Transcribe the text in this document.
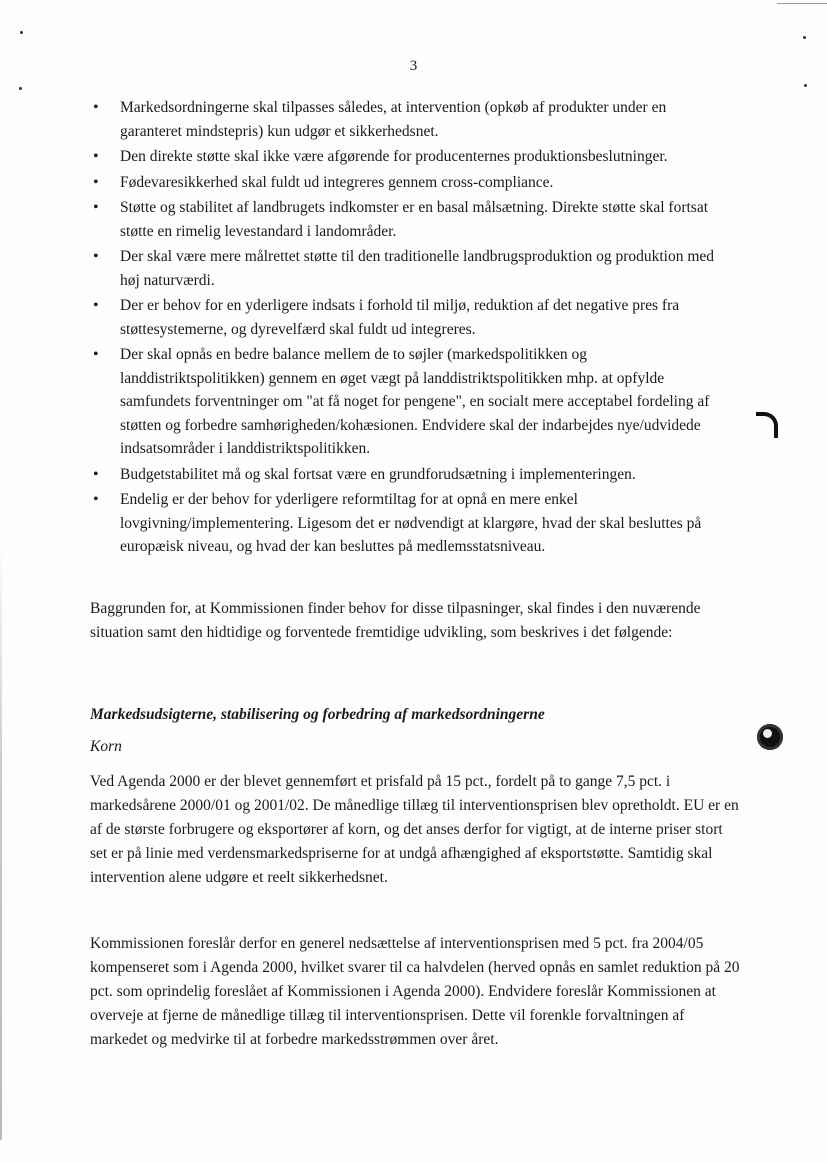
3
• Markedsordningerne skal tilpasses således, at intervention (opkøb af produkter under en garanteret mindstepris) kun udgør et sikkerhedsnet.
• Den direkte støtte skal ikke være afgørende for producenternes produktionsbeslutninger.
• Fødevaresikkerhed skal fuldt ud integreres gennem cross-compliance.
• Støtte og stabilitet af landbrugets indkomster er en basal målsætning. Direkte støtte skal fortsat støtte en rimelig levestandard i landområder.
• Der skal være mere målrettet støtte til den traditionelle landbrugsproduktion og produktion med høj naturværdi.
• Der er behov for en yderligere indsats i forhold til miljø, reduktion af det negative pres fra støttesystemerne, og dyrevelfærd skal fuldt ud integreres.
• Der skal opnås en bedre balance mellem de to søjler (markedspolitikken og landdistriktspolitikken) gennem en øget vægt på landdistriktspolitikken mhp. at opfylde samfundets forventninger om "at få noget for pengene", en socialt mere acceptabel fordeling af støtten og forbedre samhørigheden/kohæsionen. Endvidere skal der indarbejdes nye/udvidede indsatsområder i landdistriktspolitikken.
• Budgetstabilitet må og skal fortsat være en grundforudsætning i implementeringen.
• Endelig er der behov for yderligere reformtiltag for at opnå en mere enkel lovgivning/implementering. Ligesom det er nødvendigt at klargøre, hvad der skal besluttes på europæisk niveau, og hvad der kan besluttes på medlemsstatsniveau.

Baggrunden for, at Kommissionen finder behov for disse tilpasninger, skal findes i den nuværende situation samt den hidtidige og forventede fremtidige udvikling, som beskrives i det følgende:

Markedsudsigterne, stabilisering og forbedring af markedsordningerne

Korn

Ved Agenda 2000 er der blevet gennemført et prisfald på 15 pct., fordelt på to gange 7,5 pct. i markedsårene 2000/01 og 2001/02. De månedlige tillæg til interventionsprisen blev opretholdt. EU er en af de største forbrugere og eksportører af korn, og det anses derfor for vigtigt, at de interne priser stort set er på linie med verdensmarkedspriserne for at undgå afhængighed af eksportstøtte. Samtidig skal intervention alene udgøre et reelt sikkerhedsnet.

Kommissionen foreslår derfor en generel nedsættelse af interventionsprisen med 5 pct. fra 2004/05 kompenseret som i Agenda 2000, hvilket svarer til ca halvdelen (herved opnås en samlet reduktion på 20 pct. som oprindelig foreslået af Kommissionen i Agenda 2000). Endvidere foreslår Kommissionen at overveje at fjerne de månedlige tillæg til interventionsprisen. Dette vil forenkle forvaltningen af markedet og medvirke til at forbedre markedsstrømmen over året.
